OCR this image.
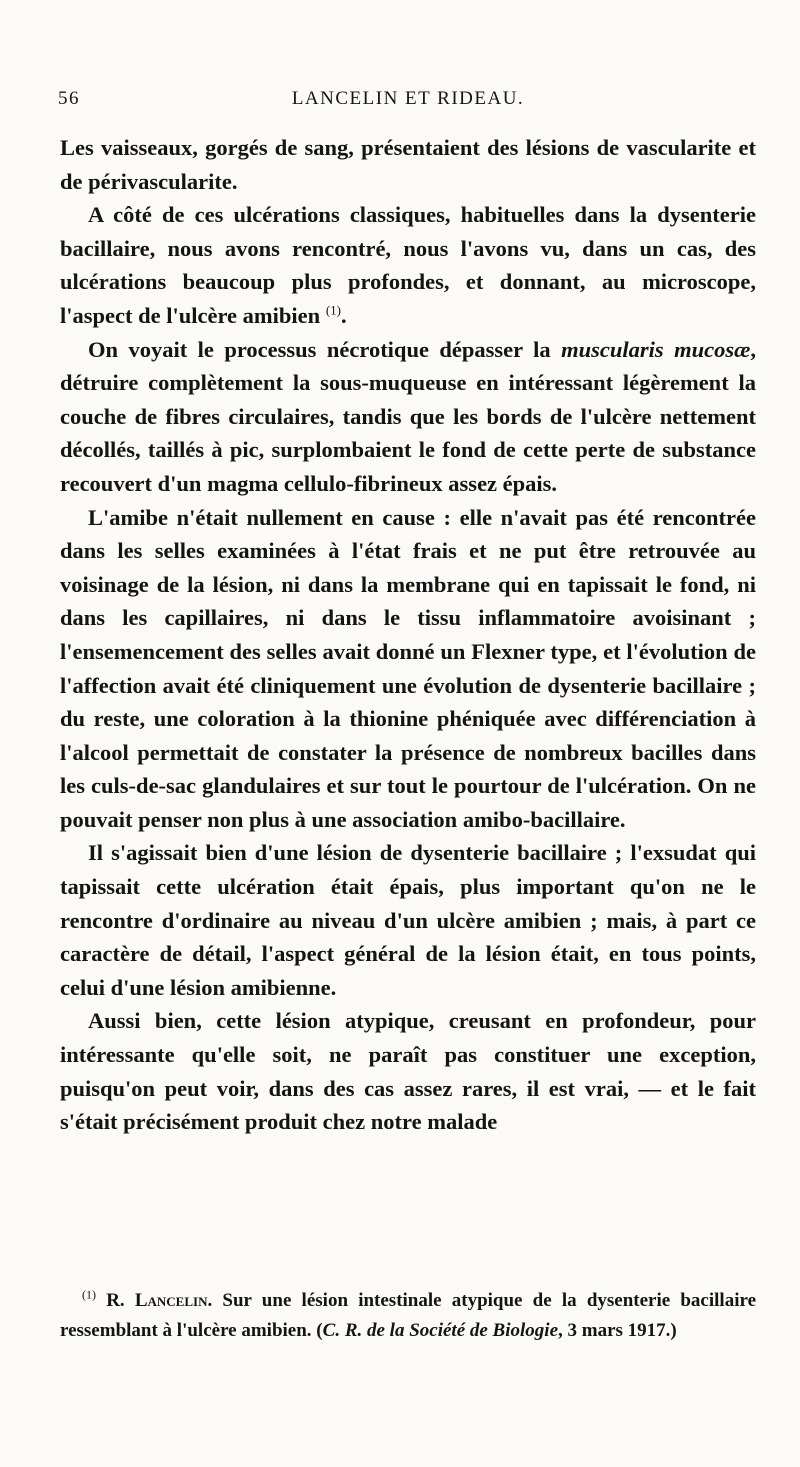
56	LANCELIN ET RIDEAU.

Les vaisseaux, gorgés de sang, présentaient des lésions de vascularite et de périvascularite.

A côté de ces ulcérations classiques, habituelles dans la dysenterie bacillaire, nous avons rencontré, nous l'avons vu, dans un cas, des ulcérations beaucoup plus profondes, et donnant, au microscope, l'aspect de l'ulcère amibien $^{(1)}$.

On voyait le processus nécrotique dépasser la muscularis mucosæ, détruire complètement la sous-muqueuse en intéressant légèrement la couche de fibres circulaires, tandis que les bords de l'ulcère nettement décollés, taillés à pic, surplombaient le fond de cette perte de substance recouvert d'un magma cellulo-fibrineux assez épais.

L'amibe n'était nullement en cause : elle n'avait pas été rencontrée dans les selles examinées à l'état frais et ne put être retrouvée au voisinage de la lésion, ni dans la membrane qui en tapissait le fond, ni dans les capillaires, ni dans le tissu inflammatoire avoisinant ; l'ensemencement des selles avait donné un Flexner type, et l'évolution de l'affection avait été cliniquement une évolution de dysenterie bacillaire ; du reste, une coloration à la thionine phéniquée avec différenciation à l'alcool permettait de constater la présence de nombreux bacilles dans les culs-de-sac glandulaires et sur tout le pourtour de l'ulcération. On ne pouvait penser non plus à une association amibo-bacillaire.

Il s'agissait bien d'une lésion de dysenterie bacillaire ; l'exsudat qui tapissait cette ulcération était épais, plus important qu'on ne le rencontre d'ordinaire au niveau d'un ulcère amibien ; mais, à part ce caractère de détail, l'aspect général de la lésion était, en tous points, celui d'une lésion amibienne.

Aussi bien, cette lésion atypique, creusant en profondeur, pour intéressante qu'elle soit, ne paraît pas constituer une exception, puisqu'on peut voir, dans des cas assez rares, il est vrai, — et le fait s'était précisément produit chez notre malade

$^{(1)}$ R. Lancelin. Sur une lésion intestinale atypique de la dysenterie bacillaire ressemblant à l'ulcère amibien. (C. R. de la Société de Biologie, 3 mars 1917.)
